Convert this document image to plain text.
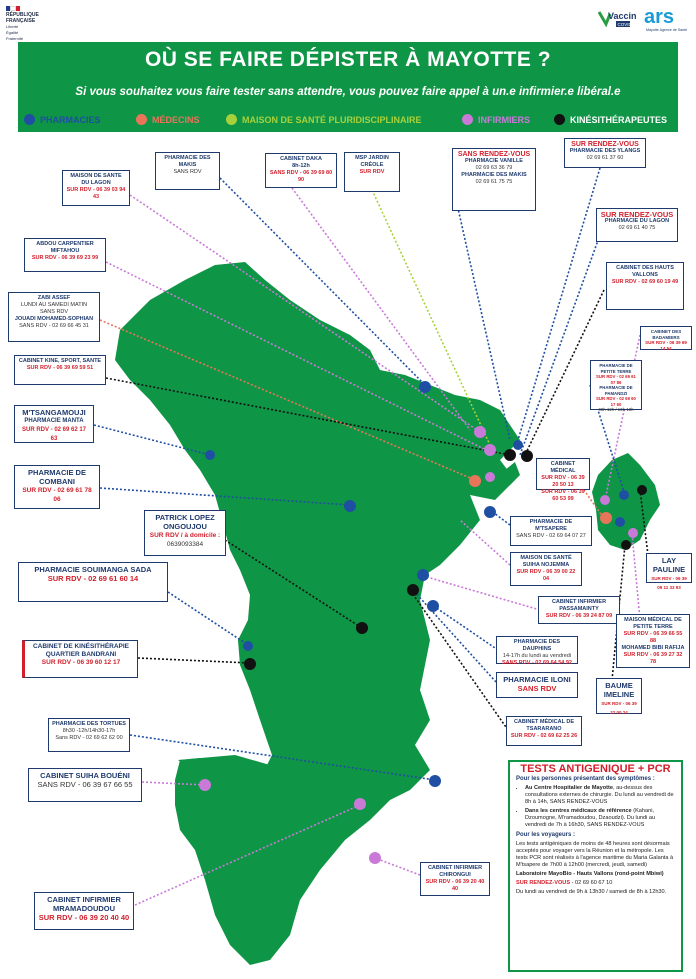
RÉPUBLIQUE
FRANÇAISE
Liberté
Égalité
Fraternité
Vaccin
COVID ars
Mayotte Agence de Santé
OÙ SE FAIRE DÉPISTER À MAYOTTE ?
Si vous souhaitez vous faire tester sans attendre, vous pouvez faire appel à un.e infirmier.e libéral.e
PHARMACIES	MÉDECINS	MAISON DE SANTÉ PLURIDISCIPLINAIRE	INFIRMIERS	KINÉSITHÉRAPEUTES
MAISON DE SANTE DU LAGON
SUR RDV - 06 39 03 94 43
PHARMACIE DES MAKIS
SANS RDV
CABINET DAKA
8h-12h
SANS RDV - 06 39 69 80 90
MSP JARDIN CRÉOLE
SUR RDV
SANS RENDEZ-VOUS
PHARMACIE VANILLE
02 69 63 36 79
PHARMACIE DES MAKIS
02 69 61 75 75
SUR RENDEZ-VOUS
PHARMACIE DES YLANGS
02 69 61 37 60
SUR RENDEZ-VOUS
PHARMACIE DU LAGON
02 69 61 40 75
CABINET DES HAUTS VALLONS
SUR RDV - 02 69 60 19 49
ABDOU CARPENTIER MIFTAHOU
SUR RDV - 06 39 69 23 99
ZABI ASSEF
LUNDI AU SAMEDI MATIN
SANS RDV
JOUADI MOHAMED-SOPHIAN
SANS RDV - 02 69 66 45 31
CABINET KINE, SPORT, SANTE
SUR RDV - 06 39 69 59 51
M'TSANGAMOUJI
PHARMACIE MANTA
SUR RDV - 02 69 62 17 63
PHARMACIE DE COMBANI
SUR RDV - 02 69 61 78 06
PATRICK LOPEZ ONGOUJOU
SUR RDV / à domicile :
0639093384
PHARMACIE SOUIMANGA SADA
SUR RDV - 02 69 61 60 14
CABINET DE KINÉSITHÉRAPIE QUARTIER BANDRANI
SUR RDV - 06 39 60 12 17
PHARMACIE DES TORTUES
8h30 -12h/14h30-17h
Sans RDV - 02 69 62 62 00
CABINET SUIHA BOUÉNI
SANS RDV - 06 39 67 66 55
CABINET INFIRMIER MRAMADOUDOU
SUR RDV - 06 39 20 40 40
CABINET INFIRMIER CHIRONGUI
SUR RDV - 06 39 20 40 40
CABINET DES BADAMIERS
SUR RDV - 06 39 69 14 54
PHARMACIE DE PETITE TERRE
SUR RDV - 02 69 61 07 86
PHARMACIE DE PAMANDZI
SUR RDV - 02 69 60 17 60
08h-12h / 13h-18h
CABINET MÉDICAL
SUR RDV - 06 39 20 50 13
SUR RDV - 06 39 60 53 99
PHARMACIE DE M'TSAPERE
SANS RDV - 02 69 64 07 27
MAISON DE SANTÉ SUIHA NOJEMMA
SUR RDV - 06 39 00 22 04
CABINET INFIRMIER PASSAMAINTY
SUR RDV - 06 39 24 87 09
PHARMACIE DES DAUPHINS
14-17h du lundi au vendredi
SANS RDV - 02 69 64 54 92
PHARMACIE ILONI
SANS RDV
CABINET MÉDICAL DE TSARARANO
SUR RDV - 02 69 62 25 26
LAY PAULINE
SUR RDV - 06 39 09 11 33 93
MAISON MÉDICAL DE PETITE TERRE
SUR RDV - 06 39 66 55 88
MOHAMED BIBI RAFIJA
SUR RDV - 06 39 27 32 78
BAUME IMELINE
SUR RDV - 06 39 22 00 24
TESTS ANTIGENIQUE + PCR
Pour les personnes présentant des symptômes :
• Au Centre Hospitalier de Mayotte, au-dessus des consultations externes de chirurgie. Du lundi au vendredi de 8h à 14h, SANS RENDEZ-VOUS
• Dans les centres médicaux de référence (Kahani, Dzoumogne, M'ramadoudou, Dzaoudzi). Du lundi au vendredi de 7h à 16h30, SANS RENDEZ-VOUS
Pour les voyageurs :

Les tests antigéniques de moins de 48 heures sont désormais acceptés pour voyager vers la Réunion et la métropole. Les tests PCR sont réalisés à l'agence maritime du Mariа Galanta à M'tsapere de 7h00 à 12h00 (mercredi, jeudi, samedi)

Laboratoire MayoBio - Hauts Vallons (rond-point Mbiwi)

SUR RENDEZ-VOUS - 02 69 60 67 10

Du lundi au vendredi de 9h à 13h30 / samedi de 8h à 12h30.
